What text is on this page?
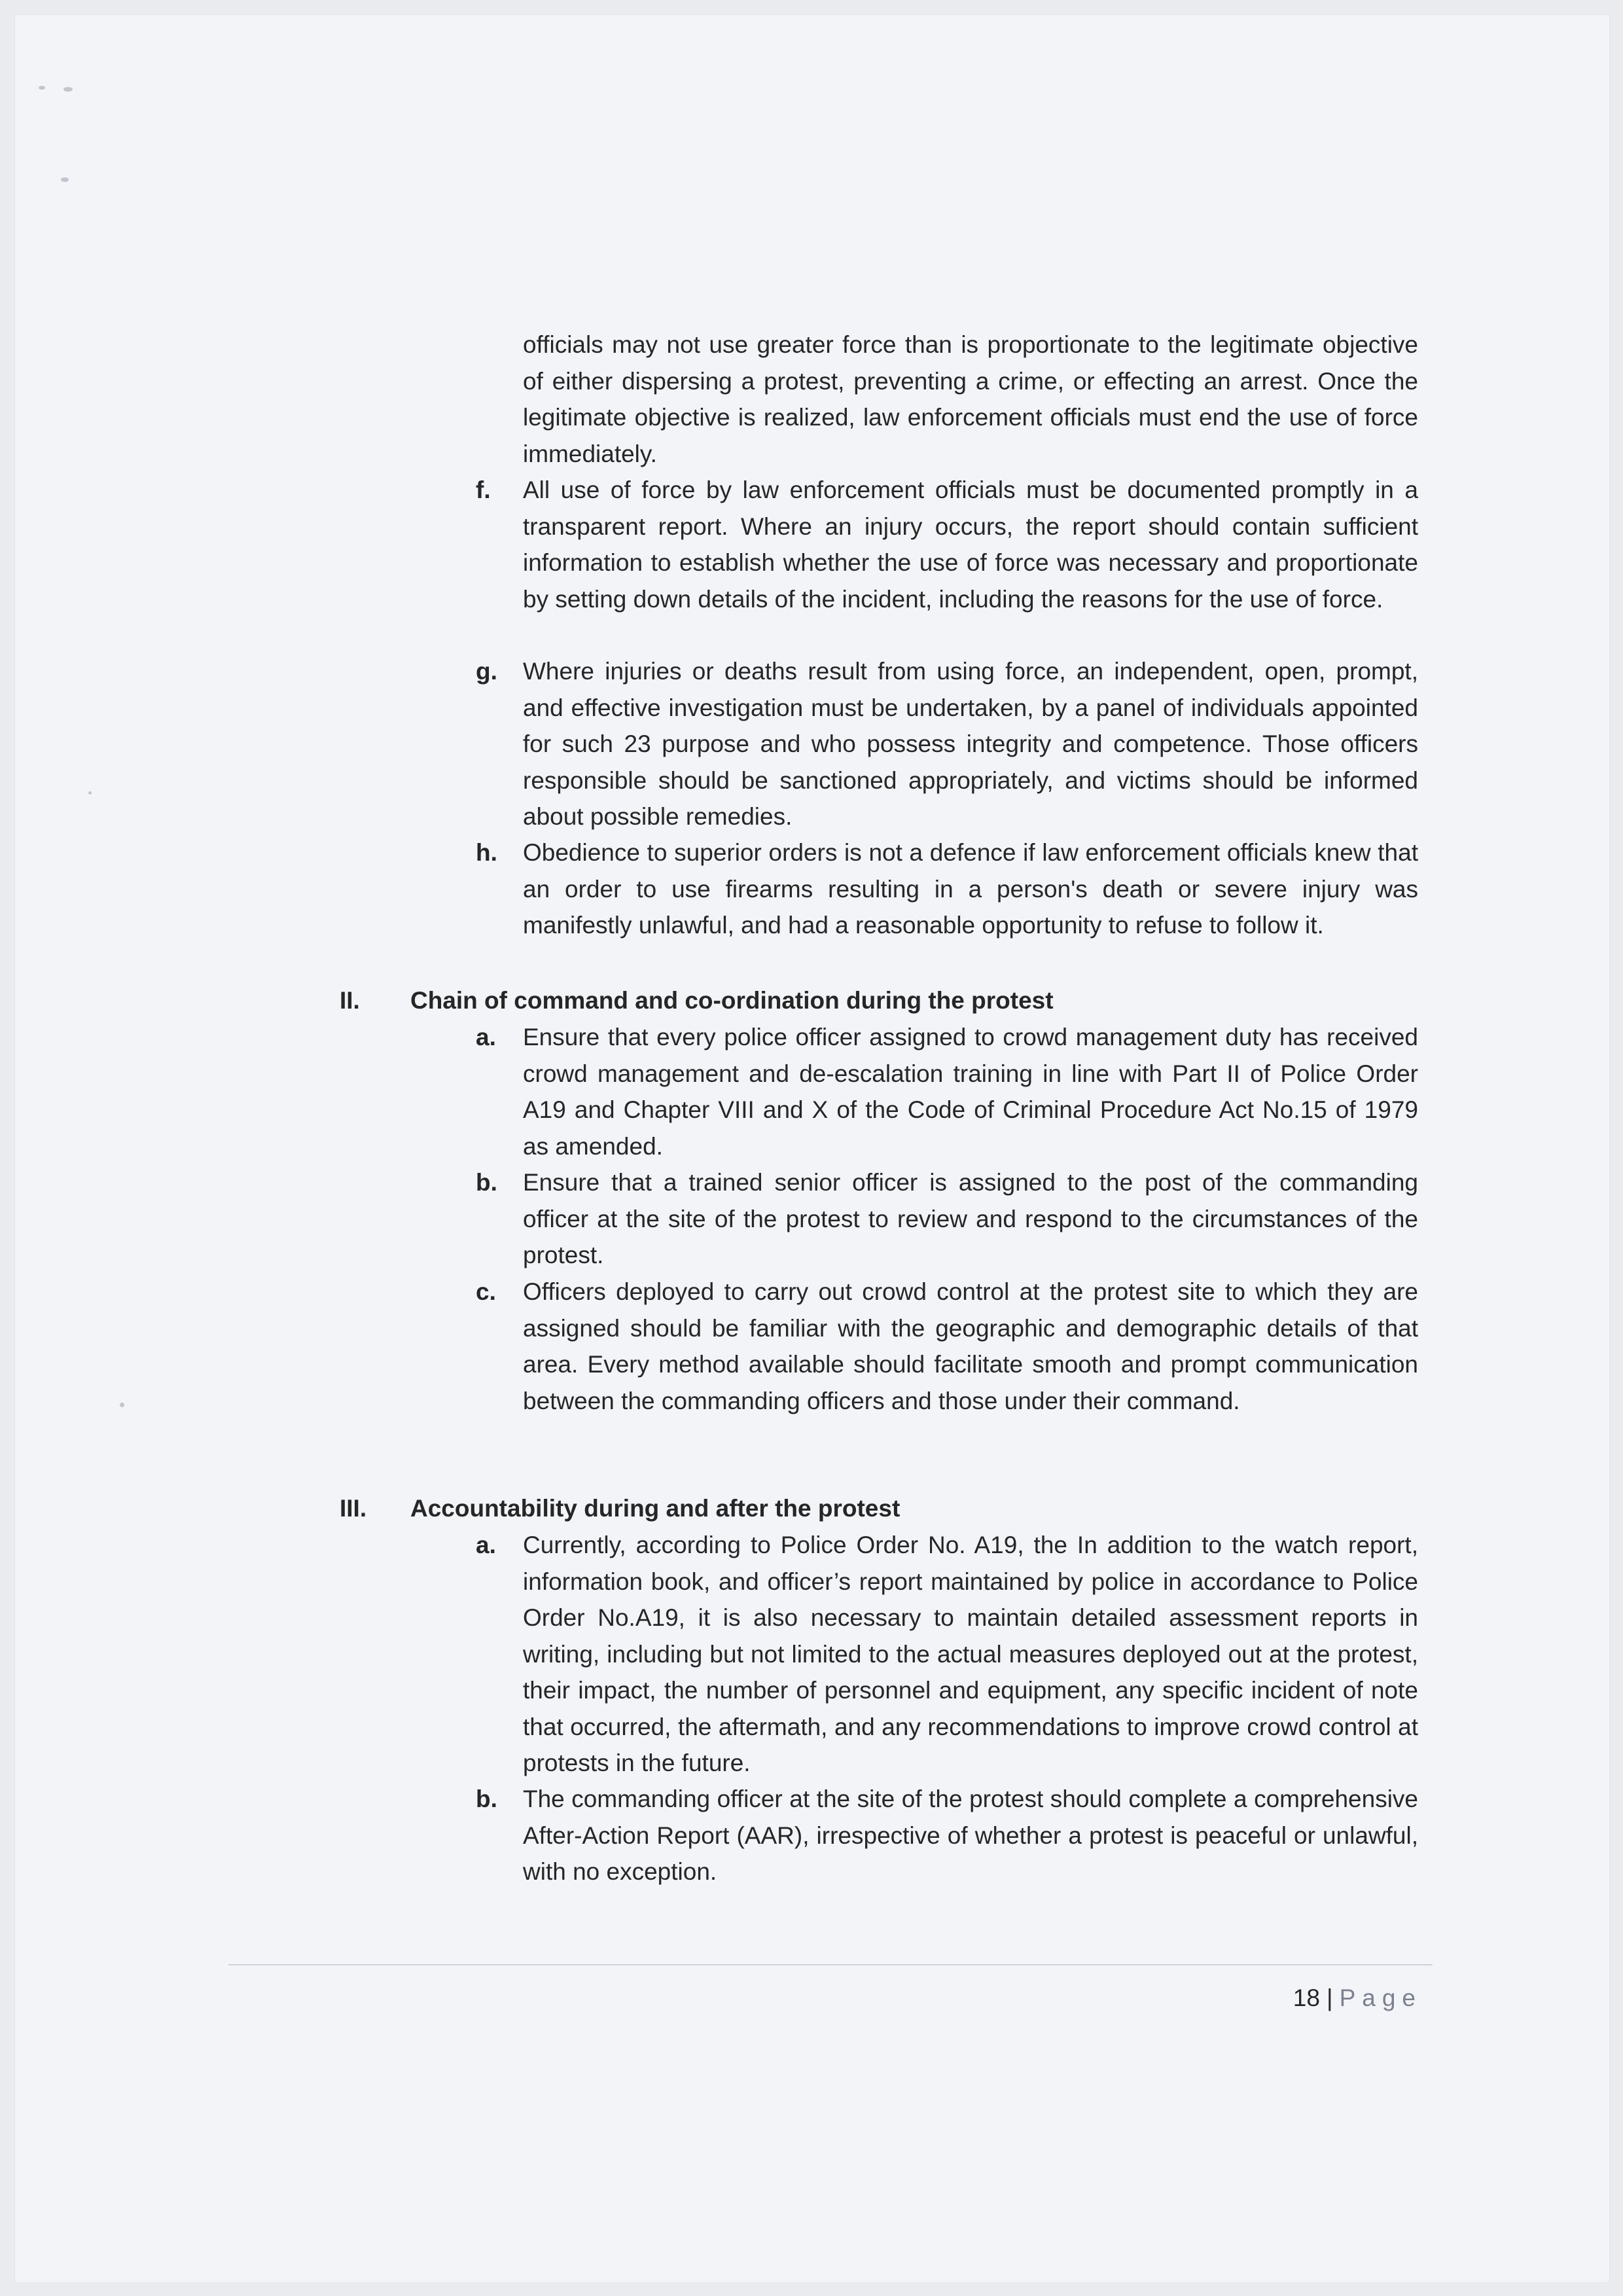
officials may not use greater force than is proportionate to the legitimate objective of either dispersing a protest, preventing a crime, or effecting an arrest. Once the legitimate objective is realized, law enforcement officials must end the use of force immediately.
f.	All use of force by law enforcement officials must be documented promptly in a transparent report. Where an injury occurs, the report should contain sufficient information to establish whether the use of force was necessary and proportionate by setting down details of the incident, including the reasons for the use of force.
g.	Where injuries or deaths result from using force, an independent, open, prompt, and effective investigation must be undertaken, by a panel of individuals appointed for such 23 purpose and who possess integrity and competence. Those officers responsible should be sanctioned appropriately, and victims should be informed about possible remedies.
h.	Obedience to superior orders is not a defence if law enforcement officials knew that an order to use firearms resulting in a person's death or severe injury was manifestly unlawful, and had a reasonable opportunity to refuse to follow it.
II. Chain of command and co-ordination during the protest
a.	Ensure that every police officer assigned to crowd management duty has received crowd management and de-escalation training in line with Part II of Police Order A19 and Chapter VIII and X of the Code of Criminal Procedure Act No.15 of 1979 as amended.
b.	Ensure that a trained senior officer is assigned to the post of the commanding officer at the site of the protest to review and respond to the circumstances of the protest.
c.	Officers deployed to carry out crowd control at the protest site to which they are assigned should be familiar with the geographic and demographic details of that area. Every method available should facilitate smooth and prompt communication between the commanding officers and those under their command.
III. Accountability during and after the protest
a.	Currently, according to Police Order No. A19, the In addition to the watch report, information book, and officer’s report maintained by police in accordance to Police Order No.A19, it is also necessary to maintain detailed assessment reports in writing, including but not limited to the actual measures deployed out at the protest, their impact, the number of personnel and equipment, any specific incident of note that occurred, the aftermath, and any recommendations to improve crowd control at protests in the future.
b.	The commanding officer at the site of the protest should complete a comprehensive After-Action Report (AAR), irrespective of whether a protest is peaceful or unlawful, with no exception.
18 | Page
